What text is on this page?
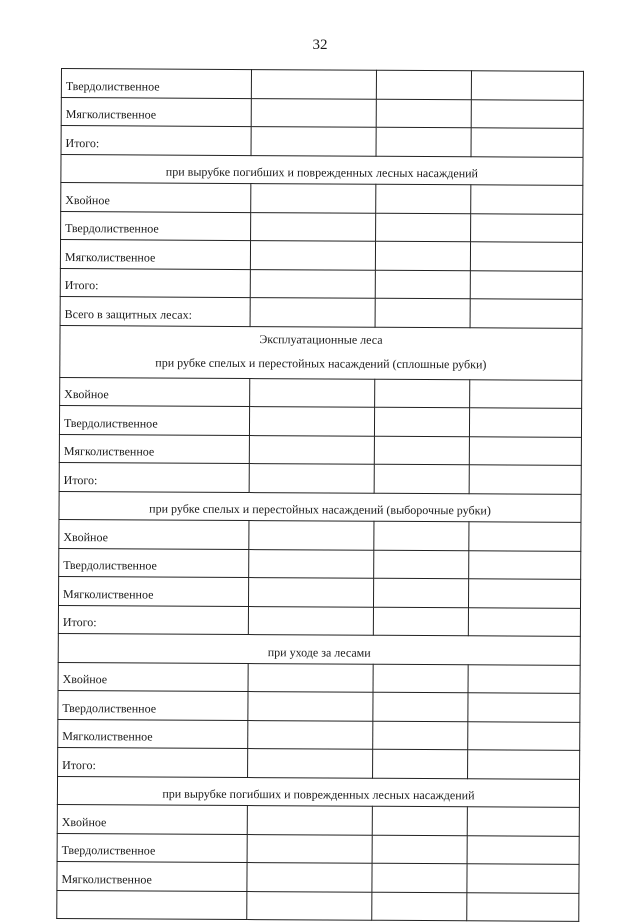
32
Твердолиственное			
Мягколиственное			
Итого:			

при вырубке погибших и поврежденных лесных насаждений			

Хвойное			
Твердолиственное			
Мягколиственное			
Итого:			
Всего в защитных лесах:			

Эксплуатационные леса
при рубке спелых и перестойных насаждений (сплошные рубки)			

Хвойное			
Твердолиственное			
Мягколиственное			
Итого:			

при рубке спелых и перестойных насаждений (выборочные рубки)			

Хвойное			
Твердолиственное			
Мягколиственное			
Итого:			

при уходе за лесами			

Хвойное			
Твердолиственное			
Мягколиственное			
Итого:			

при вырубке погибших и поврежденных лесных насаждений			

Хвойное			
Твердолиственное			
Мягколиственное			
